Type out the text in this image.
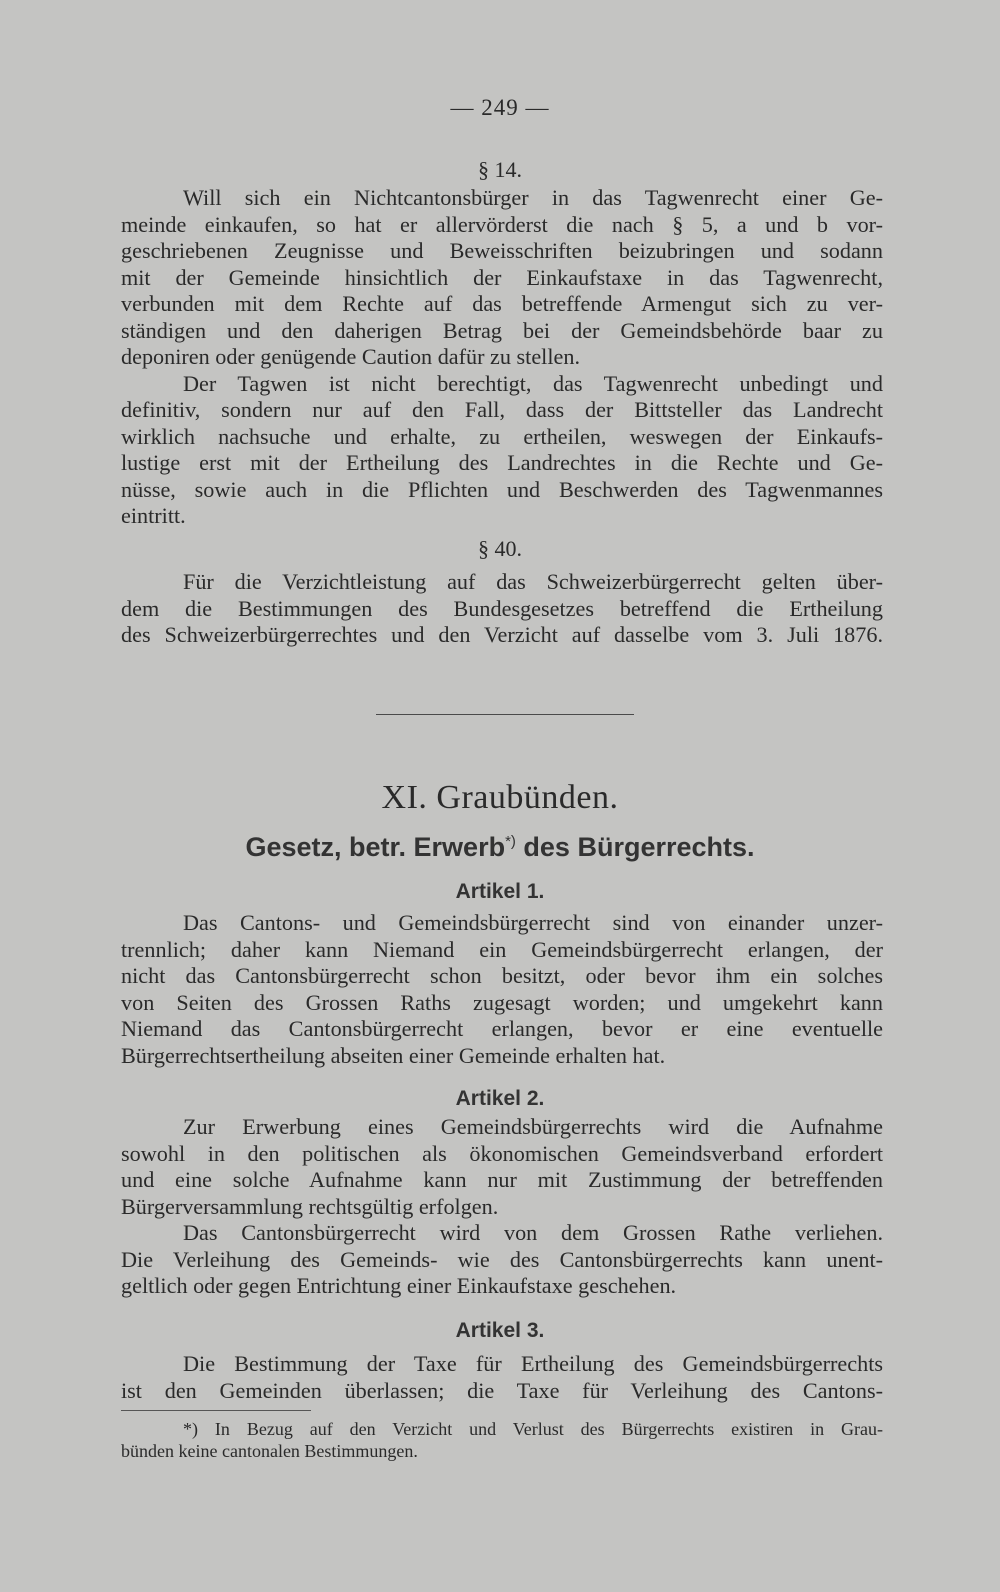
— 249 —
§ 14.
Will sich ein Nichtcantonsbürger in das Tagwenrecht einer Ge-
meinde einkaufen, so hat er allervörderst die nach § 5, a und b vor-
geschriebenen Zeugnisse und Beweisschriften beizubringen und sodann
mit der Gemeinde hinsichtlich der Einkaufstaxe in das Tagwenrecht,
verbunden mit dem Rechte auf das betreffende Armengut sich zu ver-
ständigen und den daherigen Betrag bei der Gemeindsbehörde baar zu
deponiren oder genügende Caution dafür zu stellen.
Der Tagwen ist nicht berechtigt, das Tagwenrecht unbedingt und
definitiv, sondern nur auf den Fall, dass der Bittsteller das Landrecht
wirklich nachsuche und erhalte, zu ertheilen, weswegen der Einkaufs-
lustige erst mit der Ertheilung des Landrechtes in die Rechte und Ge-
nüsse, sowie auch in die Pflichten und Beschwerden des Tagwenmannes
eintritt.
§ 40.
Für die Verzichtleistung auf das Schweizerbürgerrecht gelten über-
dem die Bestimmungen des Bundesgesetzes betreffend die Ertheilung
des Schweizerbürgerrechtes und den Verzicht auf dasselbe vom 3. Juli 1876.
XI. Graubünden.
Gesetz, betr. Erwerb*) des Bürgerrechts.
Artikel 1.
Das Cantons- und Gemeindsbürgerrecht sind von einander unzer-
trennlich; daher kann Niemand ein Gemeindsbürgerrecht erlangen, der
nicht das Cantonsbürgerrecht schon besitzt, oder bevor ihm ein solches
von Seiten des Grossen Raths zugesagt worden; und umgekehrt kann
Niemand das Cantonsbürgerrecht erlangen, bevor er eine eventuelle
Bürgerrechtsertheilung abseiten einer Gemeinde erhalten hat.
Artikel 2.
Zur Erwerbung eines Gemeindsbürgerrechts wird die Aufnahme
sowohl in den politischen als ökonomischen Gemeindsverband erfordert
und eine solche Aufnahme kann nur mit Zustimmung der betreffenden
Bürgerversammlung rechtsgültig erfolgen.
Das Cantonsbürgerrecht wird von dem Grossen Rathe verliehen.
Die Verleihung des Gemeinds- wie des Cantonsbürgerrechts kann unent-
geltlich oder gegen Entrichtung einer Einkaufstaxe geschehen.
Artikel 3.
Die Bestimmung der Taxe für Ertheilung des Gemeindsbürgerrechts
ist den Gemeinden überlassen; die Taxe für Verleihung des Cantons-
*) In Bezug auf den Verzicht und Verlust des Bürgerrechts existiren in Grau-
bünden keine cantonalen Bestimmungen.
